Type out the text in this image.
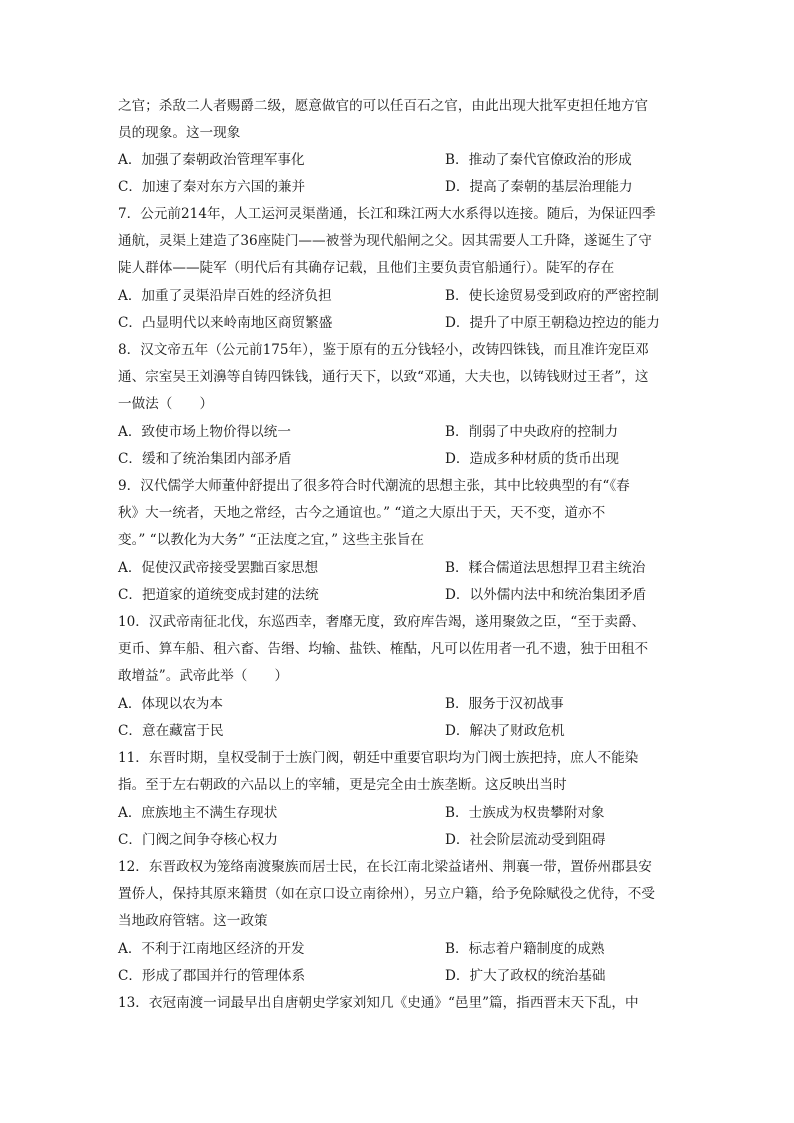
之官；杀敌二人者赐爵二级，愿意做官的可以任百石之官，由此出现大批军吏担任地方官
员的现象。这一现象
A．加强了秦朝政治管理军事化	B．推动了秦代官僚政治的形成
C．加速了秦对东方六国的兼并	D．提高了秦朝的基层治理能力
7．公元前214年，人工运河灵渠凿通，长江和珠江两大水系得以连接。随后，为保证四季
通航，灵渠上建造了36座陡门——被誉为现代船闸之父。因其需要人工升降，遂诞生了守
陡人群体——陡军（明代后有其确存记载，且他们主要负责官船通行）。陡军的存在
A．加重了灵渠沿岸百姓的经济负担	B．使长途贸易受到政府的严密控制
C．凸显明代以来岭南地区商贸繁盛	D．提升了中原王朝稳边控边的能力
8．汉文帝五年（公元前175年），鉴于原有的五分钱轻小，改铸四铢钱，而且准许宠臣邓
通、宗室吴王刘濞等自铸四铢钱，通行天下，以致“邓通，大夫也，以铸钱财过王者”，这
一做法（　　）
A．致使市场上物价得以统一	B．削弱了中央政府的控制力
C．缓和了统治集团内部矛盾	D．造成多种材质的货币出现
9．汉代儒学大师董仲舒提出了很多符合时代潮流的思想主张，其中比较典型的有“《春
秋》大一统者，天地之常经，古今之通谊也。” “道之大原出于天，天不变，道亦不
变。” “以教化为大务” “正法度之宜，” 这些主张旨在
A．促使汉武帝接受罢黜百家思想	B．糅合儒道法思想捍卫君主统治
C．把道家的道统变成封建的法统	D．以外儒内法中和统治集团矛盾
10．汉武帝南征北伐，东巡西幸，奢靡无度，致府库告竭，遂用聚敛之臣，“至于卖爵、
更币、算车船、租六畜、告缗、均输、盐铁、榷酤，凡可以佐用者一孔不遗，独于田租不
敢增益”。武帝此举（　　）
A．体现以农为本	B．服务于汉初战事
C．意在藏富于民	D．解决了财政危机
11．东晋时期，皇权受制于士族门阀，朝廷中重要官职均为门阀士族把持，庶人不能染
指。至于左右朝政的六品以上的宰辅，更是完全由士族垄断。这反映出当时
A．庶族地主不满生存现状	B．士族成为权贵攀附对象
C．门阀之间争夺核心权力	D．社会阶层流动受到阻碍
12．东晋政权为笼络南渡聚族而居士民，在长江南北梁益诸州、荆襄一带，置侨州郡县安
置侨人，保持其原来籍贯（如在京口设立南徐州），另立户籍，给予免除赋役之优待，不受
当地政府管辖。这一政策
A．不利于江南地区经济的开发	B．标志着户籍制度的成熟
C．形成了郡国并行的管理体系	D．扩大了政权的统治基础
13．衣冠南渡一词最早出自唐朝史学家刘知几《史通》“邑里”篇，指西晋末天下乱，中
